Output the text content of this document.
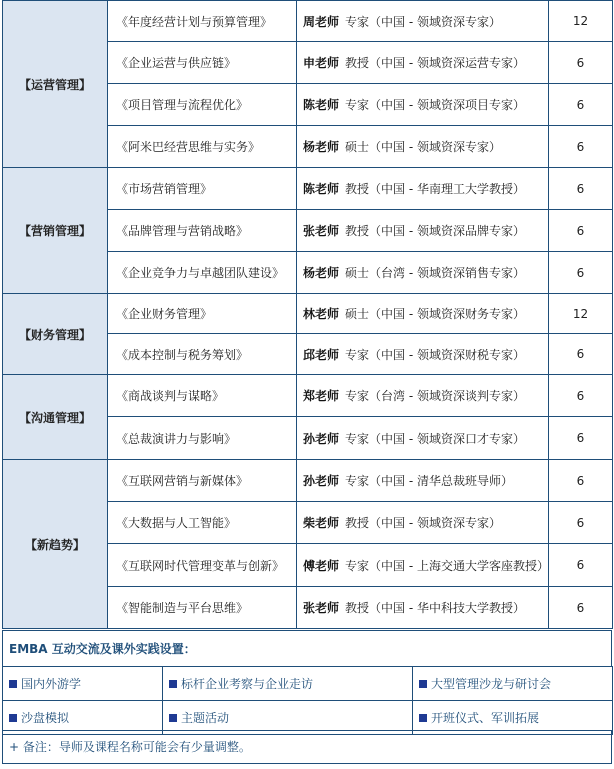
【运营管理】	《年度经营计划与预算管理》	周老师 专家（中国 - 领域资深专家）	12
	《企业运营与供应链》	申老师 教授（中国 - 领域资深运营专家）	6
	《项目管理与流程优化》	陈老师 专家（中国 - 领域资深项目专家）	6
	《阿米巴经营思维与实务》	杨老师 硕士（中国 - 领域资深专家）	6
【营销管理】	《市场营销管理》	陈老师 教授（中国 - 华南理工大学教授）	6
	《品牌管理与营销战略》	张老师 教授（中国 - 领域资深品牌专家）	6
	《企业竞争力与卓越团队建设》	杨老师 硕士（台湾 - 领域资深销售专家）	6
【财务管理】	《企业财务管理》	林老师 硕士（中国 - 领域资深财务专家）	12
	《成本控制与税务筹划》	邱老师 专家（中国 - 领域资深财税专家）	6
【沟通管理】	《商战谈判与谋略》	郑老师 专家（台湾 - 领域资深谈判专家）	6
	《总裁演讲力与影响》	孙老师 专家（中国 - 领域资深口才专家）	6
【新趋势】	《互联网营销与新媒体》	孙老师 专家（中国 - 清华总裁班导师）	6
	《大数据与人工智能》	柴老师 教授（中国 - 领域资深专家）	6
	《互联网时代管理变革与创新》	傅老师 专家（中国 - 上海交通大学客座教授）	6
	《智能制造与平台思维》	张老师 教授（中国 - 华中科技大学教授）	6
EMBA 互动交流及课外实践设置：
国内外游学	标杆企业考察与企业走访	大型管理沙龙与研讨会
沙盘模拟	主题活动	开班仪式、军训拓展
+ 备注：导师及课程名称可能会有少量调整。
